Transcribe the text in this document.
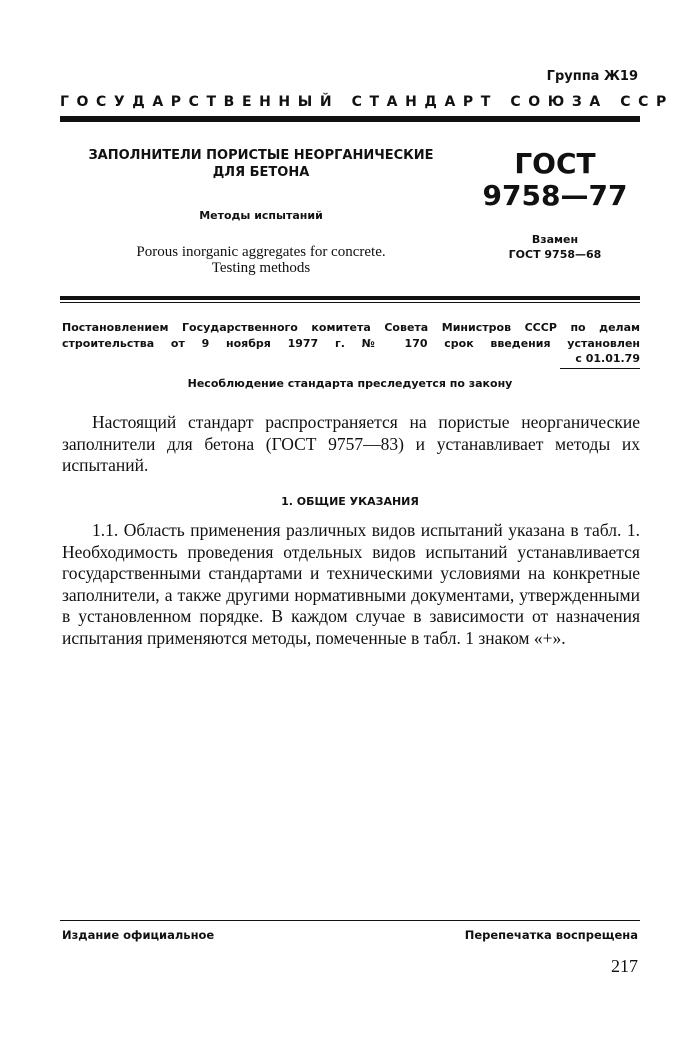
Группа Ж19
ГОСУДАРСТВЕННЫЙ СТАНДАРТ СОЮЗА ССР
ЗАПОЛНИТЕЛИ ПОРИСТЫЕ НЕОРГАНИЧЕСКИЕ
ДЛЯ БЕТОНА
Методы испытаний
Porous inorganic aggregates for concrete.
Testing methods
ГОСТ
9758—77
Взамен
ГОСТ 9758—68
Постановлением Государственного комитета Совета Министров СССР по делам строительства от 9 ноября 1977 г. № 170 срок введения установлен
с 01.01.79
Несоблюдение стандарта преследуется по закону
Настоящий стандарт распространяется на пористые неорганические заполнители для бетона (ГОСТ 9757—83) и устанавливает методы их испытаний.
1. ОБЩИЕ УКАЗАНИЯ
1.1. Область применения различных видов испытаний указана в табл. 1. Необходимость проведения отдельных видов испытаний устанавливается государственными стандартами и техническими условиями на конкретные заполнители, а также другими нормативными документами, утвержденными в установленном порядке. В каждом случае в зависимости от назначения испытания применяются методы, помеченные в табл. 1 знаком «+».
Издание официальное	Перепечатка воспрещена
217
